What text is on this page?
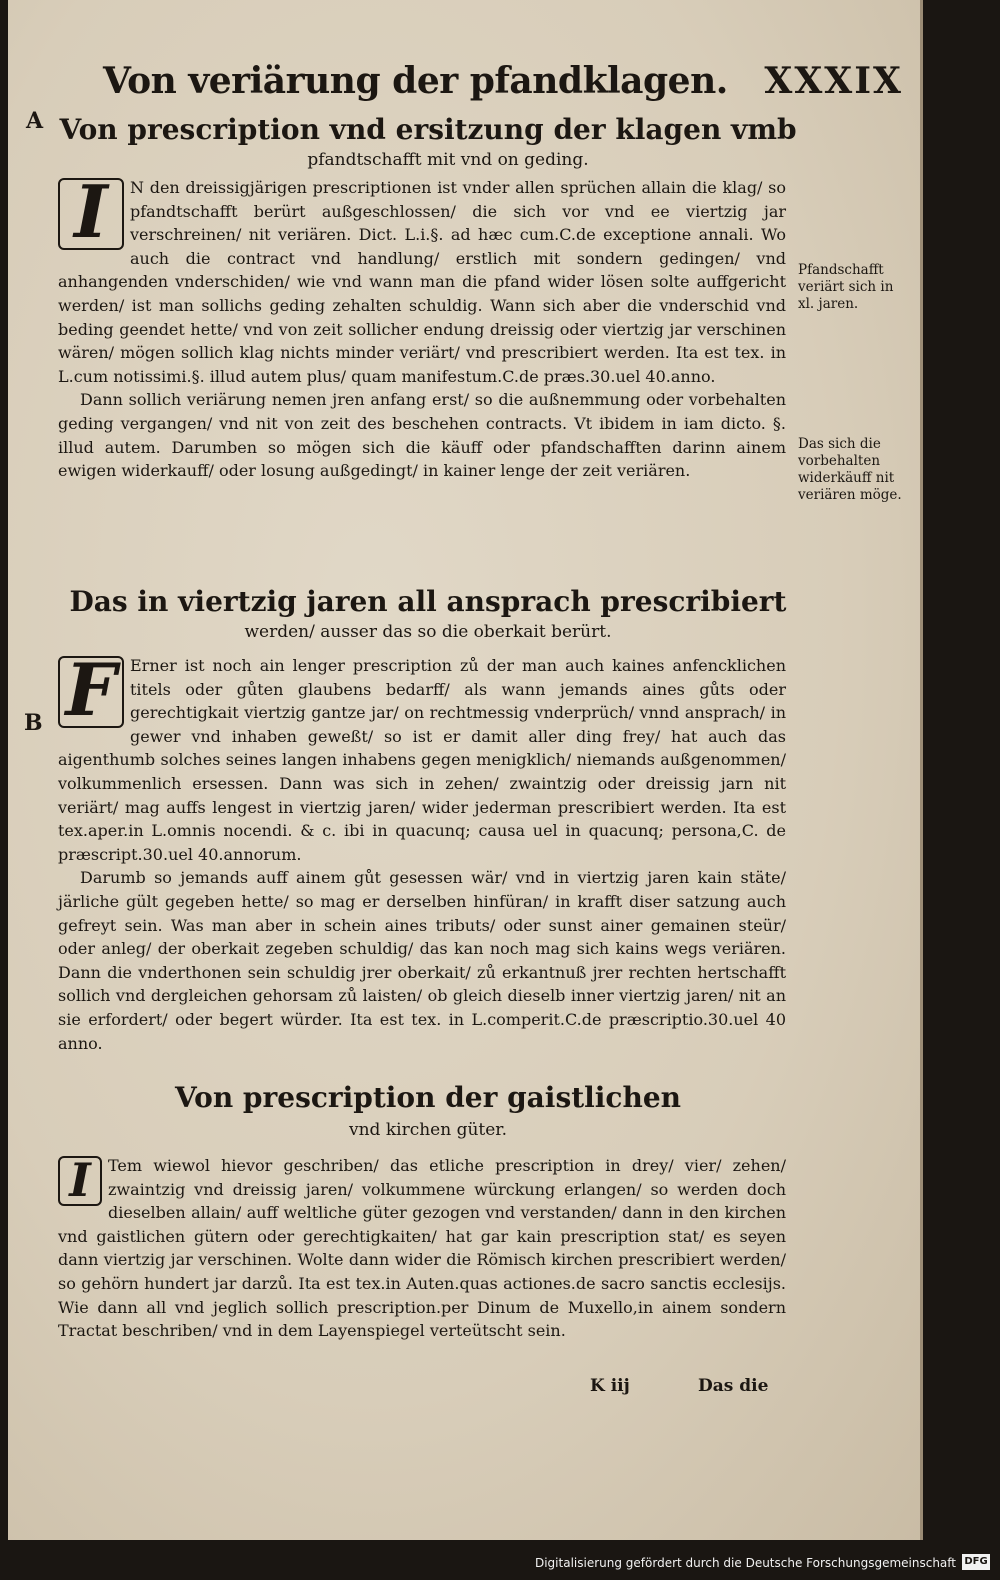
Von veriärung der pfandklagen. XXXIX
A Von prescription vnd ersitzung der klagen vmb
pfandtschafft mit vnd on geding.

I	N den dreissigjärigen prescriptionen ist vnder allen sprüchen allain die klag/ so pfandtschafft berürt außgeschlossen/ die sich vor vnd ee viertzig jar verschreinen/ nit veriären. Dict. L.i.§. ad hæc cum.C.de exceptione annali. Wo auch die contract vnd handlung/ erstlich mit sondern gedingen/ vnd anhangenden vnderschiden/ wie vnd wann man die pfand wider lösen solte auffgericht werden/ ist man sollichs geding zehalten schuldig. Wann sich aber die vnderschid vnd beding geendet hette/ vnd von zeit sollicher endung dreissig oder viertzig jar verschinen wären/ mögen sollich klag nichts minder veriärt/ vnd prescribiert werden. Ita est tex. in L.cum notissimi.§. illud autem plus/ quam manifestum.C.de præs.30.uel 40.anno.

Dann sollich veriärung nemen jren anfang erst/ so die außnemmung oder vorbehalten geding vergangen/ vnd nit von zeit des beschehen contracts. Vt ibidem in iam dicto. §. illud autem. Darumben so mögen sich die käuff oder pfandschafften darinn ainem ewigen widerkauff/ oder losung außgedingt/ in kainer lenge der zeit veriären.

Pfandschafft veriärt sich in xl. jaren.
Das sich die vorbehalten widerkäuff nit veriären möge.
Das in viertzig jaren all ansprach prescribiert
werden/ ausser das so die oberkait berürt.
B F Erner ist noch ain lenger prescription zů der man auch kaines anfencklichen titels oder gůten glaubens bedarff/ als wann jemands aines gůts oder gerechtigkait viertzig gantze jar/ on rechtmessig vnderprüch/ vnnd ansprach/ in gewer vnd inhaben geweßt/ so ist er damit aller ding frey/ hat auch das aigenthumb solches seines langen inhabens gegen menigklich/ niemands außgenommen/ volkummenlich ersessen. Dann was sich in zehen/ zwaintzig oder dreissig jarn nit veriärt/ mag auffs lengest in viertzig jaren/ wider jederman prescribiert werden. Ita est tex.aper.in L.omnis nocendi. & c. ibi in quacunq; causa uel in quacunq; persona,C. de præscript.30.uel 40.annorum.

Darumb so jemands auff ainem gůt gesessen wär/ vnd in viertzig jaren kain stäte/ järliche gült gegeben hette/ so mag er derselben hinfüran/ in krafft diser satzung auch gefreyt sein. Was man aber in schein aines tributs/ oder sunst ainer gemainen steür/ oder anleg/ der oberkait zegeben schuldig/ das kan noch mag sich kains wegs veriären. Dann die vnderthonen sein schuldig jrer oberkait/ zů erkantnuß jrer rechten hertschafft sollich vnd dergleichen gehorsam zů laisten/ ob gleich dieselb inner viertzig jaren/ nit an sie erfordert/ oder begert würder. Ita est tex. in L.comperit.C.de præscriptio.30.uel 40 anno.

Von prescription der gaistlichen
vnd kirchen güter.

I	Tem wiewol hievor geschriben/ das etliche prescription in drey/ vier/ zehen/ zwaintzig vnd dreissig jaren/ volkummene würckung erlangen/ so werden doch dieselben allain/ auff weltliche güter gezogen vnd verstanden/ dann in den kirchen vnd gaistlichen gütern oder gerechtigkaiten/ hat gar kain prescription stat/ es seyen dann viertzig jar verschinen. Wolte dann wider die Römisch kirchen prescribiert werden/ so gehörn hundert jar darzů. Ita est tex.in Auten.quas actiones.de sacro sanctis ecclesijs. Wie dann all vnd jeglich sollich prescription.per Dinum de Muxello,in ainem sondern Tractat beschriben/ vnd in dem Layenspiegel verteütscht sein.

K iij	Das die
Digitalisierung gefördert durch die Deutsche Forschungsgemeinschaft DFG
